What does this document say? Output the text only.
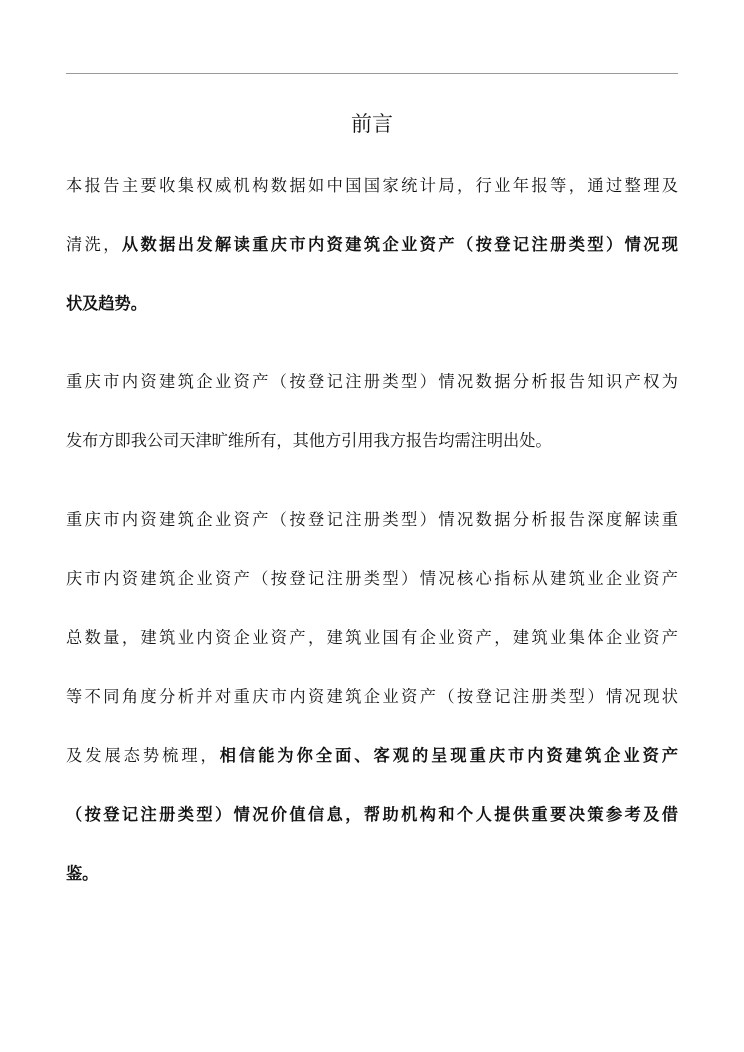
前言
本报告主要收集权威机构数据如中国国家统计局，行业年报等，通过整理及
清洗，从数据出发解读重庆市内资建筑企业资产（按登记注册类型）情况现
状及趋势。
重庆市内资建筑企业资产（按登记注册类型）情况数据分析报告知识产权为
发布方即我公司天津旷维所有，其他方引用我方报告均需注明出处。
重庆市内资建筑企业资产（按登记注册类型）情况数据分析报告深度解读重
庆市内资建筑企业资产（按登记注册类型）情况核心指标从建筑业企业资产
总数量，建筑业内资企业资产，建筑业国有企业资产，建筑业集体企业资产
等不同角度分析并对重庆市内资建筑企业资产（按登记注册类型）情况现状
及发展态势梳理，相信能为你全面、客观的呈现重庆市内资建筑企业资产
（按登记注册类型）情况价值信息，帮助机构和个人提供重要决策参考及借
鉴。
